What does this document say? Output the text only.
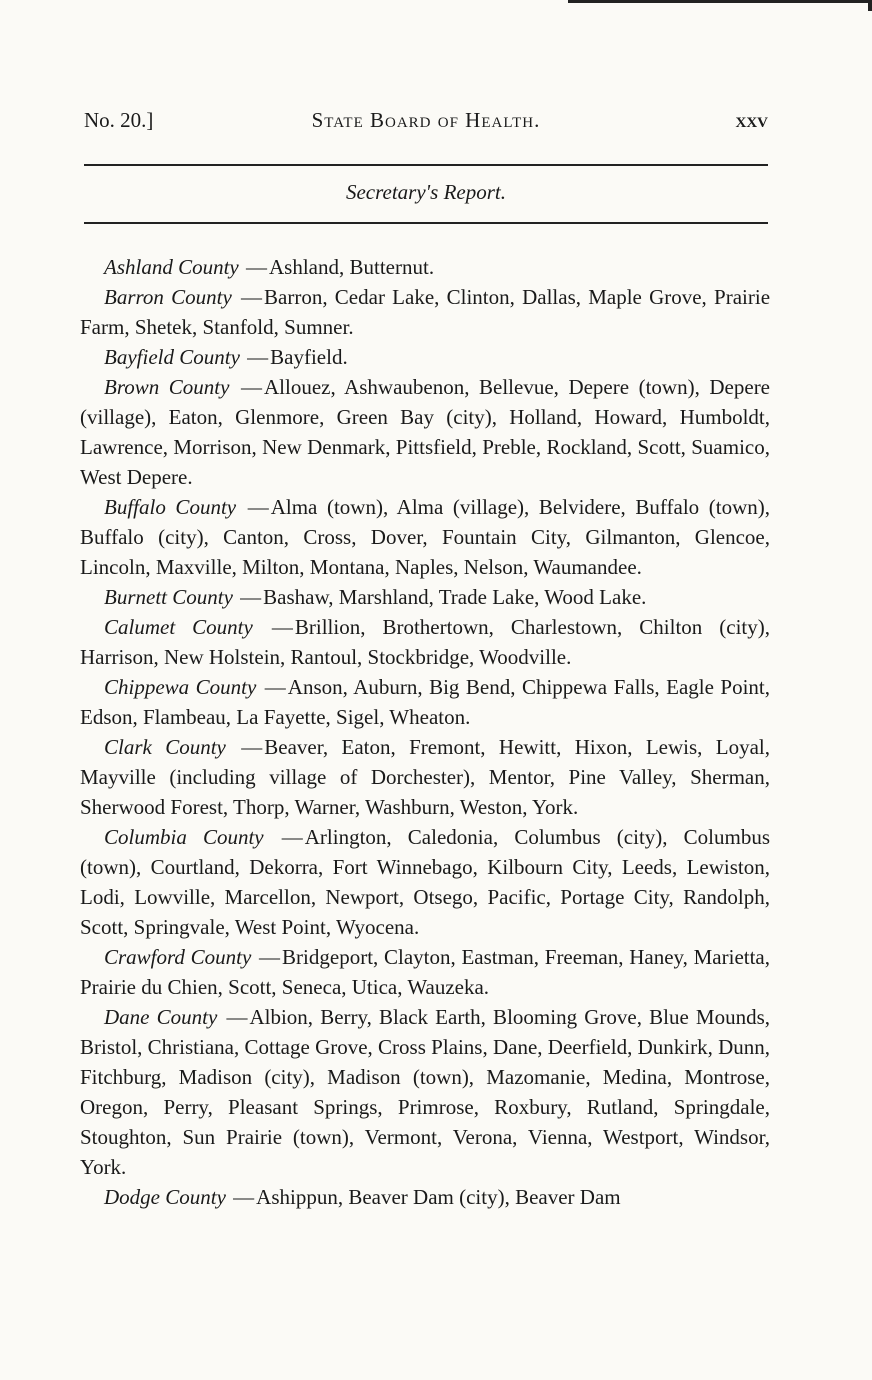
No. 20.]	State Board of Health.	xxv
Secretary's Report.

Ashland County —Ashland, Butternut.

Barron County —Barron, Cedar Lake, Clinton, Dallas, Maple Grove, Prairie Farm, Shetek, Stanfold, Sumner.

Bayfield County —Bayfield.

Brown County —Allouez, Ashwaubenon, Bellevue, Depere (town), Depere (village), Eaton, Glenmore, Green Bay (city), Holland, Howard, Humboldt, Lawrence, Morrison, New Denmark, Pittsfield, Preble, Rockland, Scott, Suamico, West Depere.

Buffalo County —Alma (town), Alma (village), Belvidere, Buffalo (town), Buffalo (city), Canton, Cross, Dover, Fountain City, Gilmanton, Glencoe, Lincoln, Maxville, Milton, Montana, Naples, Nelson, Waumandee.

Burnett County —Bashaw, Marshland, Trade Lake, Wood Lake.

Calumet County —Brillion, Brothertown, Charlestown, Chilton (city), Harrison, New Holstein, Rantoul, Stockbridge, Woodville.

Chippewa County —Anson, Auburn, Big Bend, Chippewa Falls, Eagle Point, Edson, Flambeau, La Fayette, Sigel, Wheaton.

Clark County —Beaver, Eaton, Fremont, Hewitt, Hixon, Lewis, Loyal, Mayville (including village of Dorchester), Mentor, Pine Valley, Sherman, Sherwood Forest, Thorp, Warner, Washburn, Weston, York.

Columbia County —Arlington, Caledonia, Columbus (city), Columbus (town), Courtland, Dekorra, Fort Winnebago, Kilbourn City, Leeds, Lewiston, Lodi, Lowville, Marcellon, Newport, Otsego, Pacific, Portage City, Randolph, Scott, Springvale, West Point, Wyocena.

Crawford County —Bridgeport, Clayton, Eastman, Freeman, Haney, Marietta, Prairie du Chien, Scott, Seneca, Utica, Wauzeka.

Dane County —Albion, Berry, Black Earth, Blooming Grove, Blue Mounds, Bristol, Christiana, Cottage Grove, Cross Plains, Dane, Deerfield, Dunkirk, Dunn, Fitchburg, Madison (city), Madison (town), Mazomanie, Medina, Montrose, Oregon, Perry, Pleasant Springs, Primrose, Roxbury, Rutland, Springdale, Stoughton, Sun Prairie (town), Vermont, Verona, Vienna, Westport, Windsor, York.

Dodge County —Ashippun, Beaver Dam (city), Beaver Dam
